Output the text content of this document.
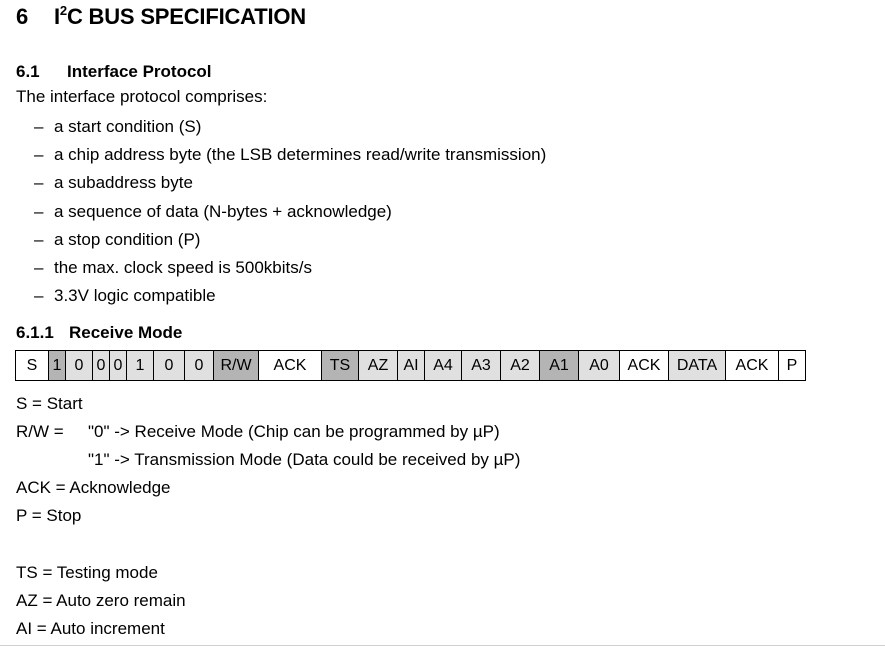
6 $I^2C$ BUS SPECIFICATION
6.1 Interface Protocol
The interface protocol comprises:
– a start condition (S)
– a chip address byte (the LSB determines read/write transmission)
– a subaddress byte
– a sequence of data (N-bytes + acknowledge)
– a stop condition (P)
– the max. clock speed is 500kbits/s
– 3.3V logic compatible
6.1.1 Receive Mode
S	1	0	0	0	1	0	0	R/W	ACK	TS	AZ	AI	A4	A3	A2	A1	A0	ACK	DATA	ACK	P
S = Start
R/W = "0" -> Receive Mode (Chip can be programmed by µP)
"1" -> Transmission Mode (Data could be received by µP)
ACK = Acknowledge
P = Stop
TS = Testing mode
AZ = Auto zero remain
AI = Auto increment
